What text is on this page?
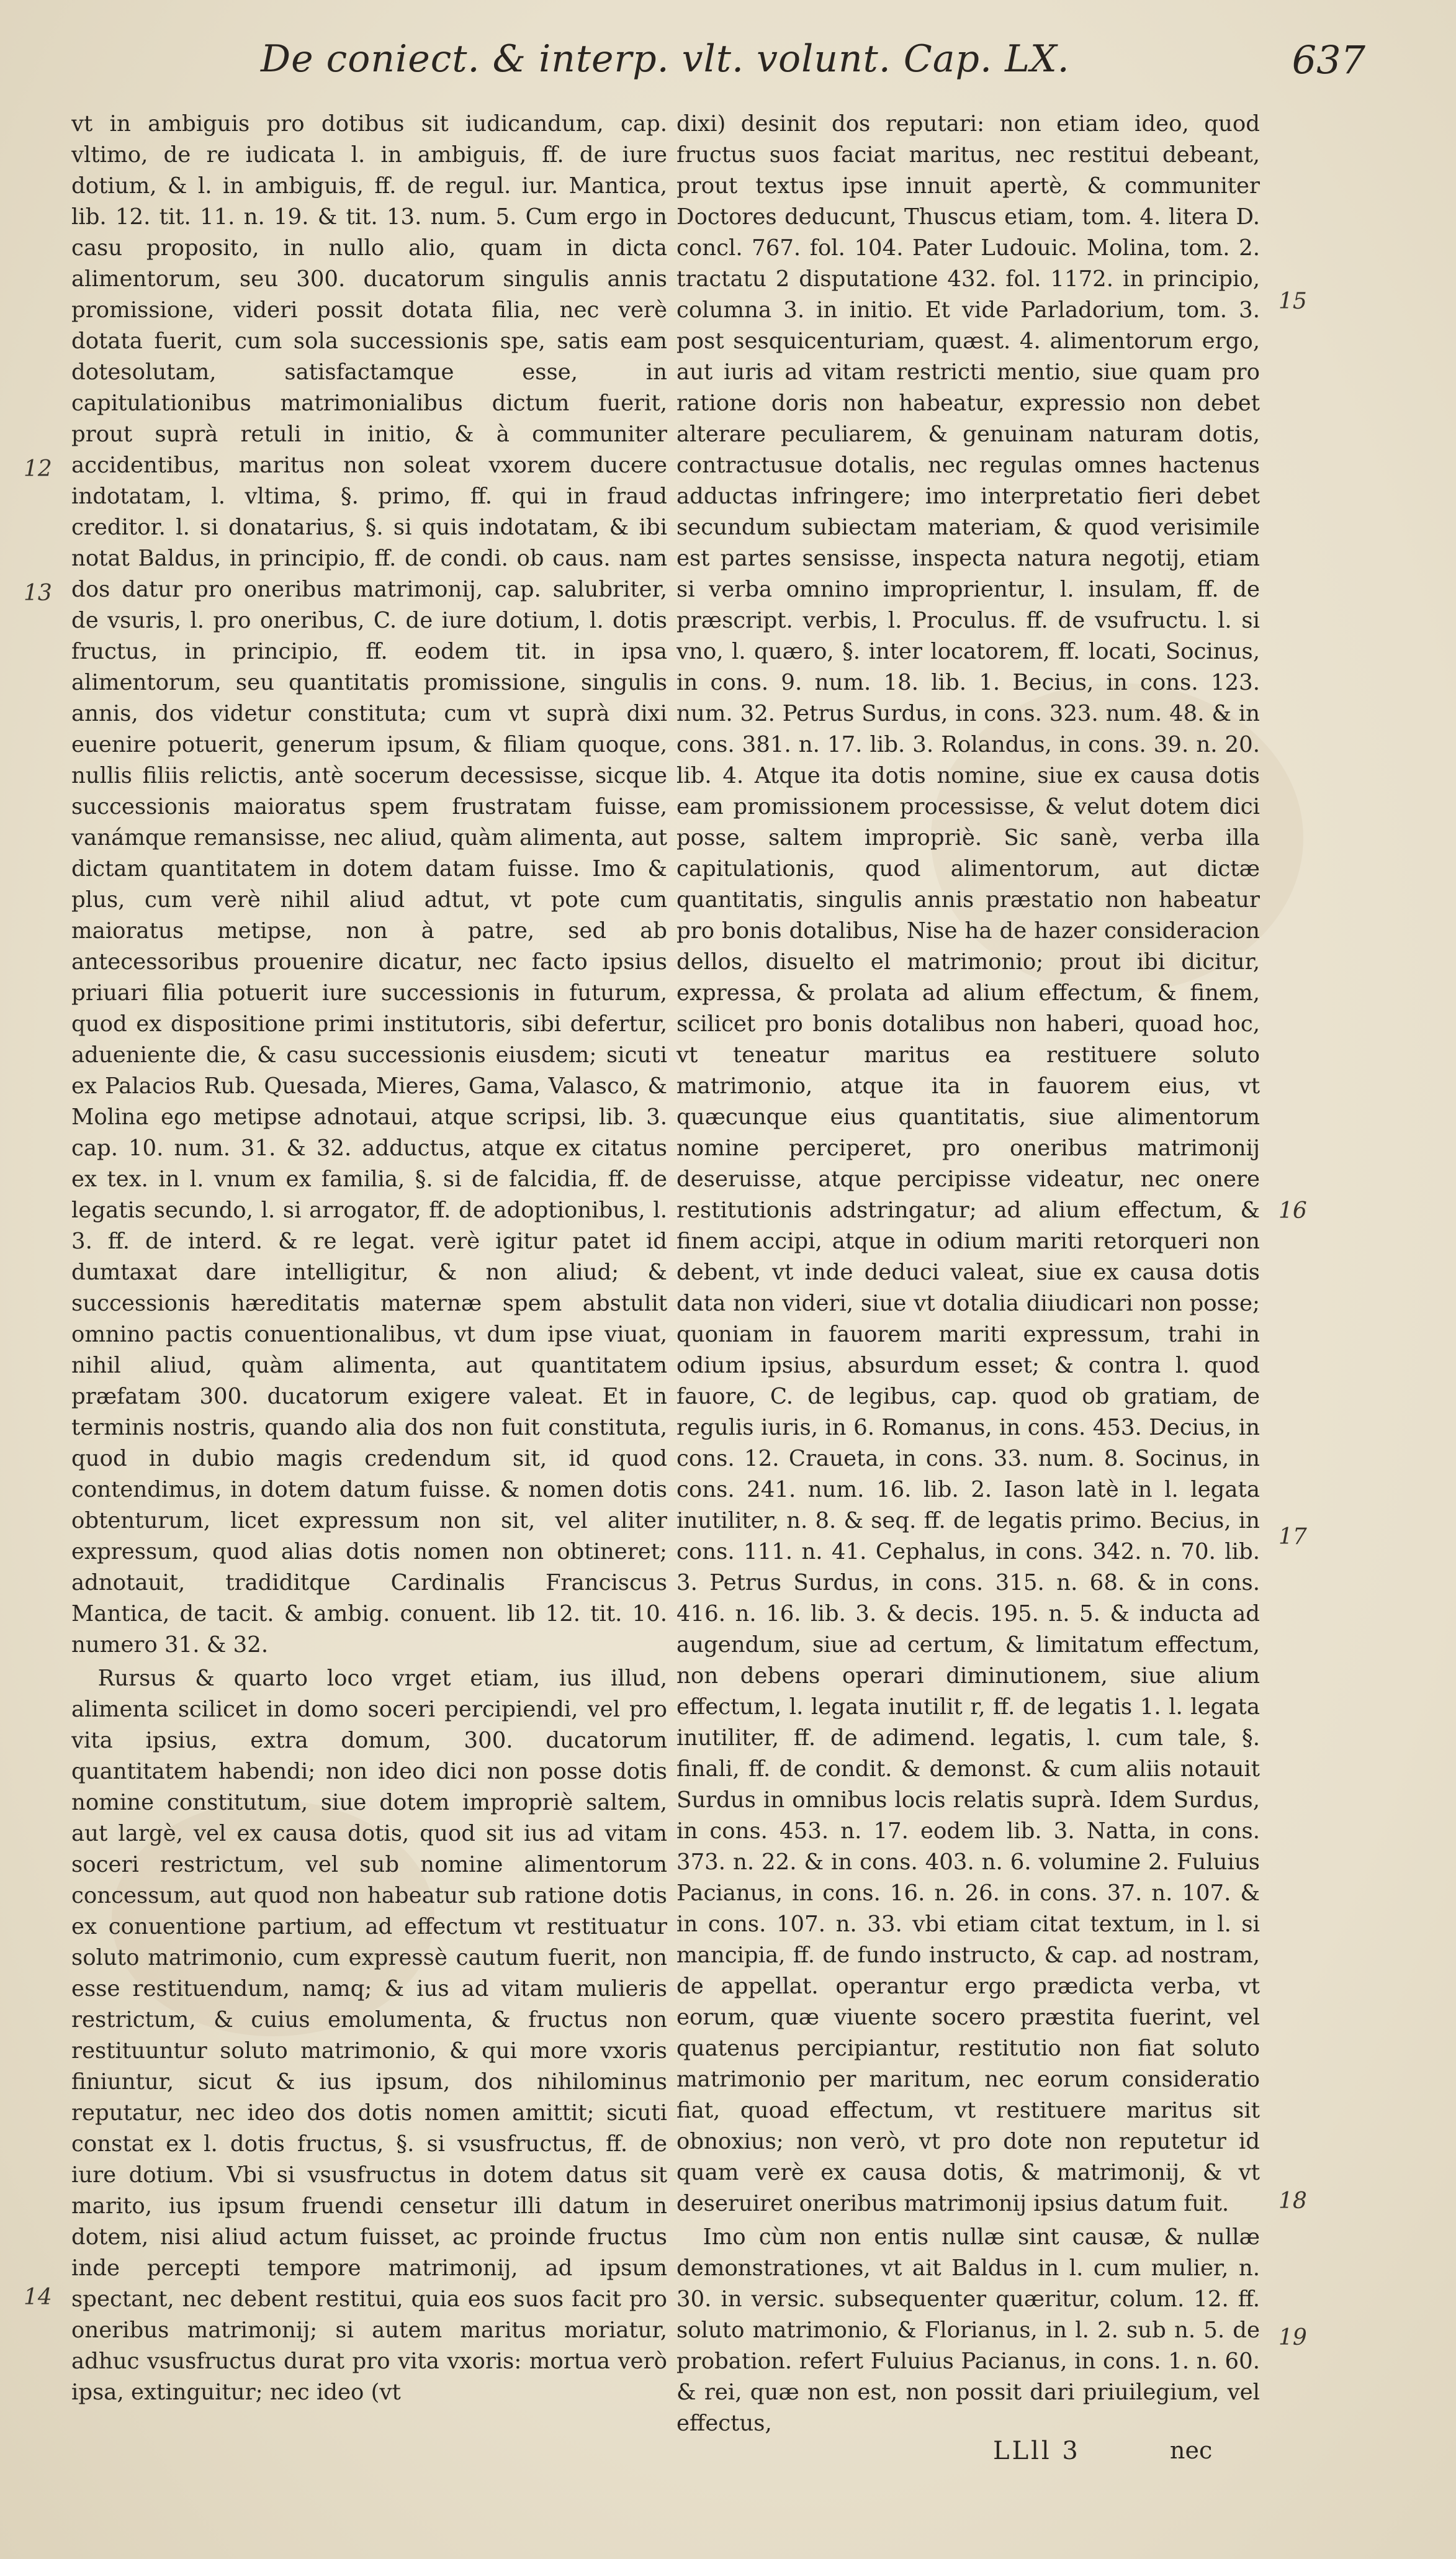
De coniect. & interp. vlt. volunt. Cap. LX.	637

vt in ambiguis pro dotibus sit iudicandum, cap. vltimo, de re iudicata l. in ambiguis, ff. de iure dotium, & l. in ambiguis, ff. de regul. iur. Mantica, lib. 12. tit. 11. n. 19. & tit. 13. num. 5. Cum ergo in casu proposito, in nullo alio, quam in dicta alimentorum, seu 300. ducatorum singulis annis promissione, videri possit dotata filia, nec verè dotata fuerit, cum sola successionis spe, satis eam dotesolutam, satisfactamque esse, in capitulationibus matrimonialibus dictum fuerit, prout suprà retuli in initio, & à communiter accidentibus, maritus non soleat vxorem ducere indotatam, l. vltima, §. primo, ff. qui in fraud creditor. l. si donatarius, §. si quis indotatam, & ibi notat Baldus, in principio, ff. de condi. ob caus. nam dos datur pro oneribus matrimonij, cap. salubriter, de vsuris, l. pro oneribus, C. de iure dotium, l. dotis fructus, in principio, ff. eodem tit. in ipsa alimentorum, seu quantitatis promissione, singulis annis, dos videtur constituta; cum vt suprà dixi euenire potuerit, generum ipsum, & filiam quoque, nullis filiis relictis, antè socerum decessisse, sicque successionis maioratus spem frustratam fuisse, vanámque remansisse, nec aliud, quàm alimenta, aut dictam quantitatem in dotem datam fuisse. Imo & plus, cum verè nihil aliud adtut, vt pote cum maioratus metipse, non à patre, sed ab antecessoribus prouenire dicatur, nec facto ipsius priuari filia potuerit iure successionis in futurum, quod ex dispositione primi institutoris, sibi defertur, adueniente die, & casu successionis eiusdem; sicuti ex Palacios Rub. Quesada, Mieres, Gama, Valasco, & Molina ego metipse adnotaui, atque scripsi, lib. 3. cap. 10. num. 31. & 32. adductus, atque ex citatus ex tex. in l. vnum ex familia, §. si de falcidia, ff. de legatis secundo, l. si arrogator, ff. de adoptionibus, l. 3. ff. de interd. & re legat. verè igitur patet id dumtaxat dare intelligitur, & non aliud; & successionis hæreditatis maternæ spem abstulit omnino pactis conuentionalibus, vt dum ipse viuat, nihil aliud, quàm alimenta, aut quantitatem præfatam 300. ducatorum exigere valeat. Et in terminis nostris, quando alia dos non fuit constituta, quod in dubio magis credendum sit, id quod contendimus, in dotem datum fuisse. & nomen dotis obtenturum, licet expressum non sit, vel aliter expressum, quod alias dotis nomen non obtineret; adnotauit, tradiditque Cardinalis Franciscus Mantica, de tacit. & ambig. conuent. lib 12. tit. 10. numero 31. & 32.

Rursus & quarto loco vrget etiam, ius illud, alimenta scilicet in domo soceri percipiendi, vel pro vita ipsius, extra domum, 300. ducatorum quantitatem habendi; non ideo dici non posse dotis nomine constitutum, siue dotem impropriè saltem, aut largè, vel ex causa dotis, quod sit ius ad vitam soceri restrictum, vel sub nomine alimentorum concessum, aut quod non habeatur sub ratione dotis ex conuentione partium, ad effectum vt restituatur soluto matrimonio, cum expressè cautum fuerit, non esse restituendum, namq; & ius ad vitam mulieris restrictum, & cuius emolumenta, & fructus non restituuntur soluto matrimonio, & qui more vxoris finiuntur, sicut & ius ipsum, dos nihilominus reputatur, nec ideo dos dotis nomen amittit; sicuti constat ex l. dotis fructus, §. si vsusfructus, ff. de iure dotium. Vbi si vsusfructus in dotem datus sit marito, ius ipsum fruendi censetur illi datum in dotem, nisi aliud actum fuisset, ac proinde fructus inde percepti tempore matrimonij, ad ipsum spectant, nec debent restitui, quia eos suos facit pro oneribus matrimonij; si autem maritus moriatur, adhuc vsusfructus durat pro vita vxoris: mortua verò ipsa, extinguitur; nec ideo (vt

dixi) desinit dos reputari: non etiam ideo, quod fructus suos faciat maritus, nec restitui debeant, prout textus ipse innuit apertè, & communiter Doctores deducunt, Thuscus etiam, tom. 4. litera D. concl. 767. fol. 104. Pater Ludouic. Molina, tom. 2. tractatu 2 disputatione 432. fol. 1172. in principio, columna 3. in initio. Et vide Parladorium, tom. 3. post sesquicenturiam, quæst. 4. alimentorum ergo, aut iuris ad vitam restricti mentio, siue quam pro ratione doris non habeatur, expressio non debet alterare peculiarem, & genuinam naturam dotis, contractusue dotalis, nec regulas omnes hactenus adductas infringere; imo interpretatio fieri debet secundum subiectam materiam, & quod verisimile est partes sensisse, inspecta natura negotij, etiam si verba omnino improprientur, l. insulam, ff. de præscript. verbis, l. Proculus. ff. de vsufructu. l. si vno, l. quæro, §. inter locatorem, ff. locati, Socinus, in cons. 9. num. 18. lib. 1. Becius, in cons. 123. num. 32. Petrus Surdus, in cons. 323. num. 48. & in cons. 381. n. 17. lib. 3. Rolandus, in cons. 39. n. 20. lib. 4. Atque ita dotis nomine, siue ex causa dotis eam promissionem processisse, & velut dotem dici posse, saltem impropriè. Sic sanè, verba illa capitulationis, quod alimentorum, aut dictæ quantitatis, singulis annis præstatio non habeatur pro bonis dotalibus, Nise ha de hazer consideracion dellos, disuelto el matrimonio; prout ibi dicitur, expressa, & prolata ad alium effectum, & finem, scilicet pro bonis dotalibus non haberi, quoad hoc, vt teneatur maritus ea restituere soluto matrimonio, atque ita in fauorem eius, vt quæcunque eius quantitatis, siue alimentorum nomine perciperet, pro oneribus matrimonij deseruisse, atque percipisse videatur, nec onere restitutionis adstringatur; ad alium effectum, & finem accipi, atque in odium mariti retorqueri non debent, vt inde deduci valeat, siue ex causa dotis data non videri, siue vt dotalia diiudicari non posse; quoniam in fauorem mariti expressum, trahi in odium ipsius, absurdum esset; & contra l. quod fauore, C. de legibus, cap. quod ob gratiam, de regulis iuris, in 6. Romanus, in cons. 453. Decius, in cons. 12. Craueta, in cons. 33. num. 8. Socinus, in cons. 241. num. 16. lib. 2. Iason latè in l. legata inutiliter, n. 8. & seq. ff. de legatis primo. Becius, in cons. 111. n. 41. Cephalus, in cons. 342. n. 70. lib. 3. Petrus Surdus, in cons. 315. n. 68. & in cons. 416. n. 16. lib. 3. & decis. 195. n. 5. & inducta ad augendum, siue ad certum, & limitatum effectum, non debens operari diminutionem, siue alium effectum, l. legata inutilit r, ff. de legatis 1. l. legata inutiliter, ff. de adimend. legatis, l. cum tale, §. finali, ff. de condit. & demonst. & cum aliis notauit Surdus in omnibus locis relatis suprà. Idem Surdus, in cons. 453. n. 17. eodem lib. 3. Natta, in cons. 373. n. 22. & in cons. 403. n. 6. volumine 2. Fuluius Pacianus, in cons. 16. n. 26. in cons. 37. n. 107. & in cons. 107. n. 33. vbi etiam citat textum, in l. si mancipia, ff. de fundo instructo, & cap. ad nostram, de appellat. operantur ergo prædicta verba, vt eorum, quæ viuente socero præstita fuerint, vel quatenus percipiantur, restitutio non fiat soluto matrimonio per maritum, nec eorum consideratio fiat, quoad effectum, vt restituere maritus sit obnoxius; non verò, vt pro dote non reputetur id quam verè ex causa dotis, & matrimonij, & vt deseruiret oneribus matrimonij ipsius datum fuit.

Imo cùm non entis nullæ sint causæ, & nullæ demonstrationes, vt ait Baldus in l. cum mulier, n. 30. in versic. subsequenter quæritur, colum. 12. ff. soluto matrimonio, & Florianus, in l. 2. sub n. 5. de probation. refert Fuluius Pacianus, in cons. 1. n. 60. & rei, quæ non est, non possit dari priuilegium, vel effectus,

12
13
14
15
16
17
18
19
LLll 3	nec
